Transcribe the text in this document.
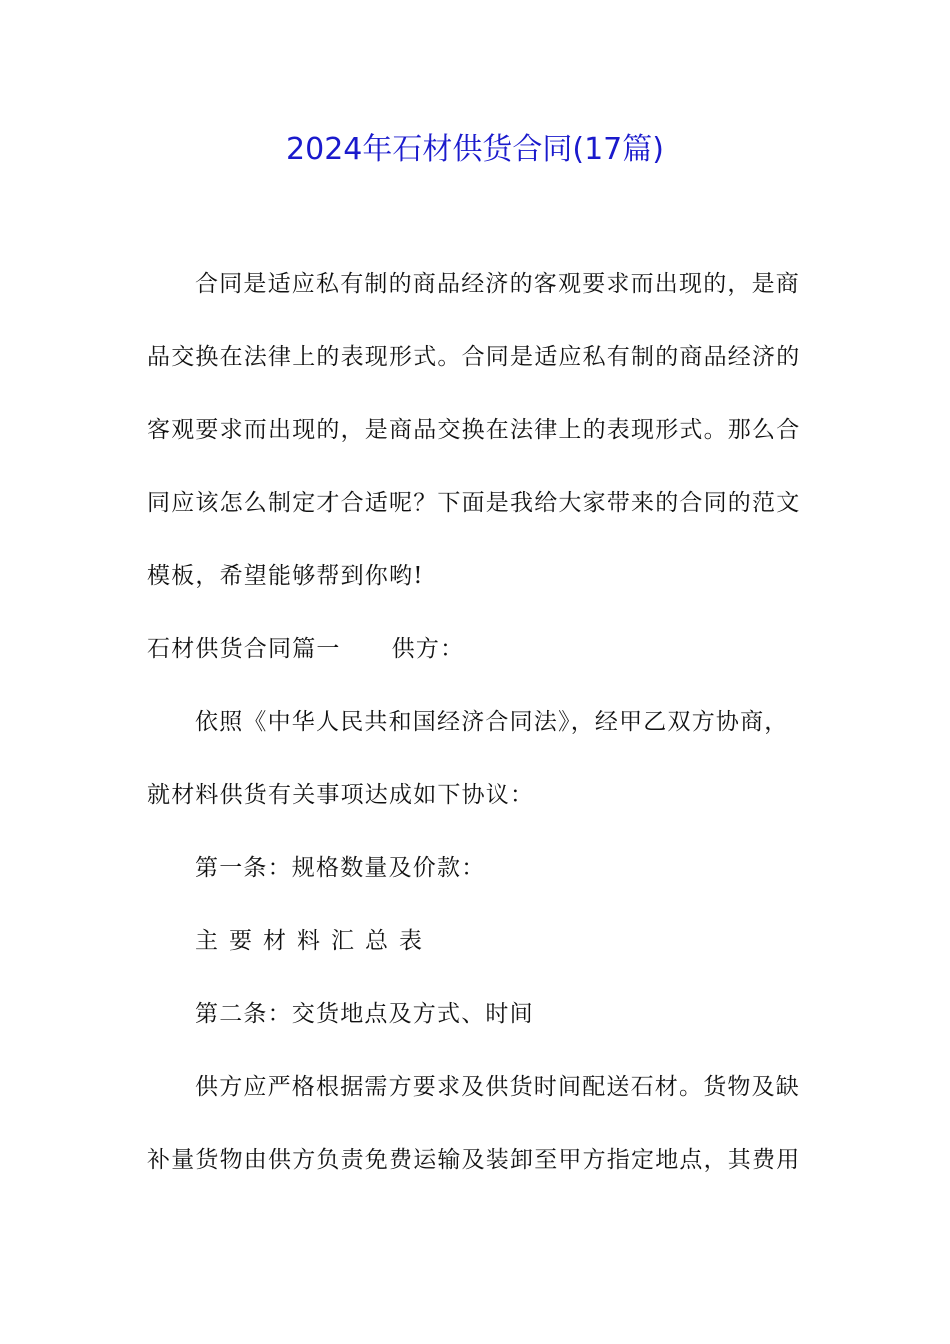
2024年石材供货合同(17篇)
合同是适应私有制的商品经济的客观要求而出现的，是商
品交换在法律上的表现形式。合同是适应私有制的商品经济的
客观要求而出现的，是商品交换在法律上的表现形式。那么合
同应该怎么制定才合适呢？下面是我给大家带来的合同的范文
模板，希望能够帮到你哟!
石材供货合同篇一      供方：
依照《中华人民共和国经济合同法》，经甲乙双方协商，
就材料供货有关事项达成如下协议：
第一条：规格数量及价款：
主要材料汇总表
第二条：交货地点及方式、时间
供方应严格根据需方要求及供货时间配送石材。货物及缺
补量货物由供方负责免费运输及装卸至甲方指定地点，其费用
